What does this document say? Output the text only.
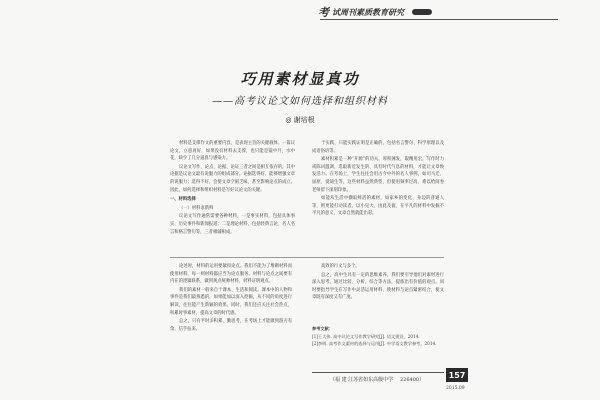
考 试周刊素质教育研究
巧用素材显真功
——高考议论文如何选择和组织材料
◎ 谢培根

材料是支撑作文的重要内容，是表现主旨的关键载体。一篇议论文，立意再好，如果没有材料去支撑，也只能是镜中月，水中花，缺少了几分逼真与感染力。

议论文写作，论点、论据、论证三者之间是相互依存的，其中论据是议论文最有说服力的组成部分。论据选得好，能够增强文章的说服力；选得不好，会使文章空洞乏味，甚至影响论点的成立。因此，如何选择和组织材料是写好议论文的关键。

一、材料选择

（一）材料求新鲜

议论文写作通常需要各种材料，一是事实材料，包括具体事实、历史事件和新闻报道；二是理论材料，包括经典言论、名人名言和格言警句等，三者相辅相成。

于实践，只能实践证明是正确的，包括名言警句、科学原理以及成语俗语等。

素材积累是一种“开源”的功夫，厚积薄发，取精用宏。写作时力戒陈词滥调，选取新近发生的、具有时代气息的材料，才能让文章焕发活力。在考场上，学生往往会用古今中外的名人事例，如司马迁、屈原、爱迪生等，这些材料虽然典型，但使用频率过高，难以给阅卷老师留下深刻印象。

如能从生活中撷取鲜活的素材，如家乡的变化、身边的普通人等，则更能打动读者。以小见大，由此及彼，在平凡的材料中发掘不平凡的意义，文章自然就能出彩。

论述时，材料的运用要紧扣论点。我们不能为了堆砌材料而使用材料，每一则材料都应当为论点服务。材料与论点之间要有内在的逻辑联系，做到观点统帅材料，材料证明观点。

我们的素材一般来自于课本、生活和阅读。课本中的人物和事件是我们最熟悉的，如果能加以深入挖掘，从不同的角度进行解读，往往能产生新颖的效果。同时，我们还应关注社会热点，积累时事素材，提高文章的时代感。

总之，只有平时多积累、勤思考，在考场上才能做到游刃有余，信手拈来。

高效的行文与多个。

总之，高中生具有一定的思维素养，我们要引导他们对素材进行深入思考，通过比较、分析、综合等方法，提炼出有价值的观点。同时要指导学生在写作中灵活运用材料，使材料与论点紧密结合，使文章既有深度又有广度。

参考文献：
[1]王大伟. 高中议论文写作教学研究[J]. 语文建设，2014.
[2]李明. 高考作文素材的选择与运用[J]. 中学语文教学参考，2014.
（福 建 江苏省如东高级中学 226400）
157
2015.09
